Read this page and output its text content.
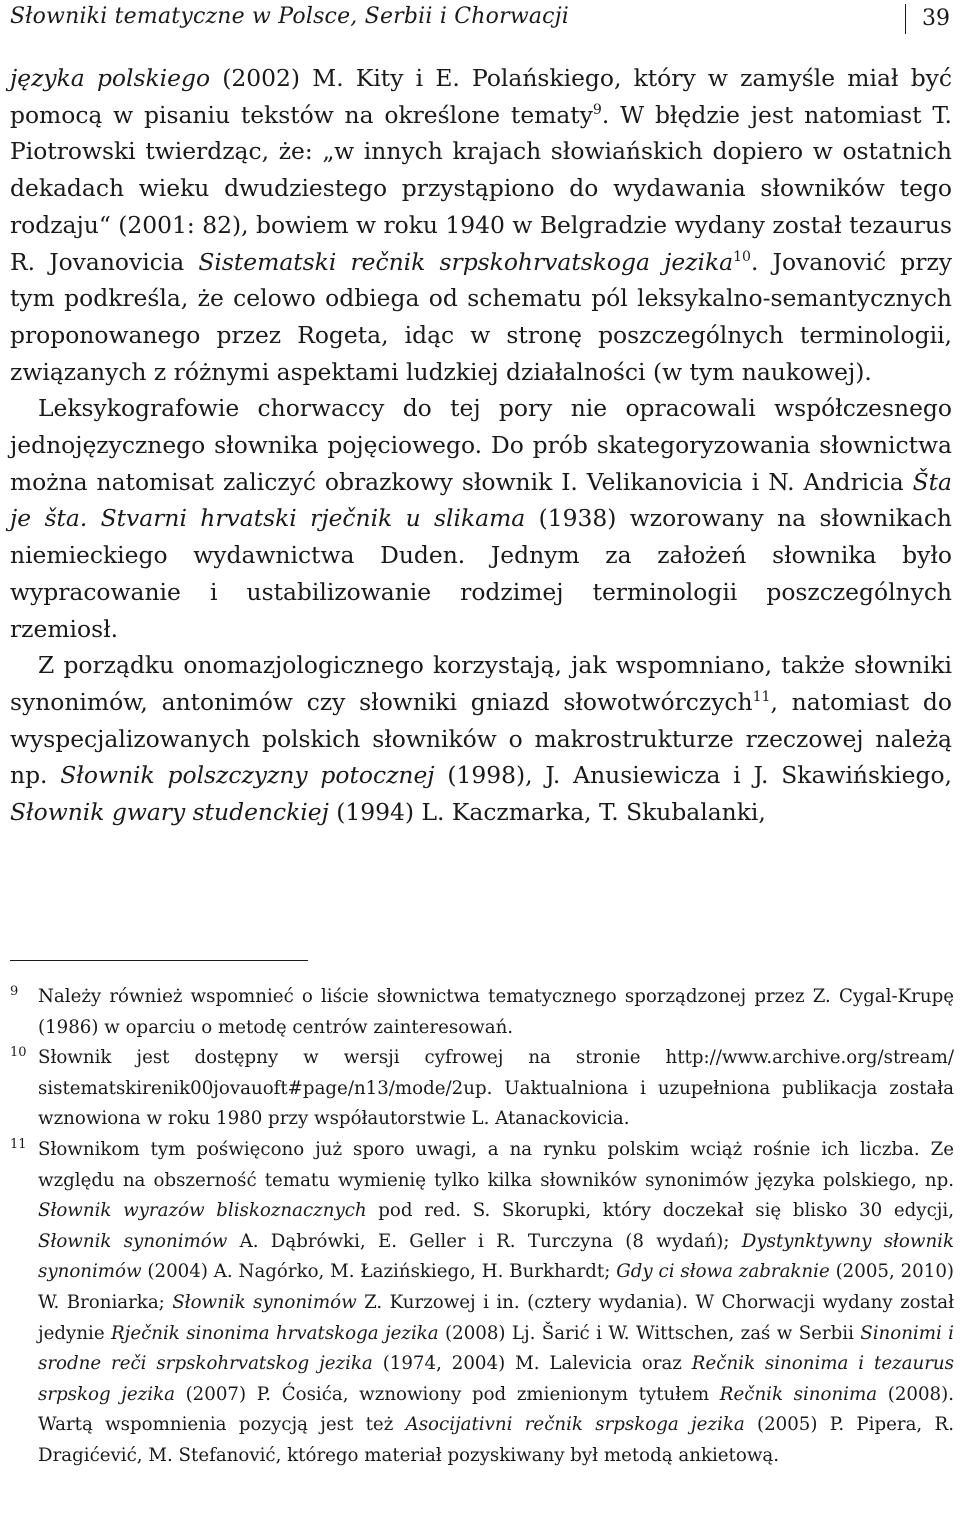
Słowniki tematyczne w Polsce, Serbii i Chorwacji	39

języka polskiego (2002) M. Kity i E. Polańskiego, który w zamyśle miał być pomocą w pisaniu tekstów na określone tematy$^9$. W błędzie jest natomiast T. Piotrowski twierdząc, że: „w innych krajach słowiańskich dopiero w ostatnich dekadach wieku dwudziestego przystąpiono do wydawania słowników tego rodzaju“ (2001: 82), bowiem w roku 1940 w Belgradzie wydany został tezaurus R. Jovanovicia Sistematski rečnik srpskohrvatskoga jezika$^{10}$. Jovanović przy tym podkreśla, że celowo odbiega od schematu pól leksykalno-semantycznych proponowanego przez Rogeta, idąc w stronę poszczególnych terminologii, związanych z różnymi aspektami ludzkiej działalności (w tym naukowej).

Leksykografowie chorwaccy do tej pory nie opracowali współczesnego jednojęzycznego słownika pojęciowego. Do prób skategoryzowania słownictwa można natomisat zaliczyć obrazkowy słownik I. Velikanovicia i N. Andricia Šta je šta. Stvarni hrvatski rječnik u slikama (1938) wzorowany na słownikach niemieckiego wydawnictwa Duden. Jednym za założeń słownika było wypracowanie i ustabilizowanie rodzimej terminologii poszczególnych rzemiosł.

Z porządku onomazjologicznego korzystają, jak wspomniano, także słowniki synonimów, antonimów czy słowniki gniazd słowotwórczych$^{11}$, natomiast do wyspecjalizowanych polskich słowników o makrostrukturze rzeczowej należą np. Słownik polszczyzny potocznej (1998), J. Anusiewicza i J. Skawińskiego, Słownik gwary studenckiej (1994) L. Kaczmarka, T. Skubalanki,

9 Należy również wspomnieć o liście słownictwa tematycznego sporządzonej przez Z. Cygal-Krupę (1986) w oparciu o metodę centrów zainteresowań.

10 Słownik jest dostępny w wersji cyfrowej na stronie http://www.archive.org/stream/ sistematskirenik00jovauoft#page/n13/mode/2up. Uaktualniona i uzupełniona publikacja została wznowiona w roku 1980 przy współautorstwie L. Atanackovicia.

11 Słownikom tym poświęcono już sporo uwagi, a na rynku polskim wciąż rośnie ich liczba. Ze względu na obszerność tematu wymienię tylko kilka słowników synonimów języka polskiego, np. Słownik wyrazów bliskoznacznych pod red. S. Skorupki, który doczekał się blisko 30 edycji, Słownik synonimów A. Dąbrówki, E. Geller i R. Turczyna (8 wydań); Dystynktywny słownik synonimów (2004) A. Nagórko, M. Łazińskiego, H. Burkhardt; Gdy ci słowa zabraknie (2005, 2010) W. Broniarka; Słownik synonimów Z. Kurzowej i in. (cztery wydania). W Chorwacji wydany został jedynie Rječnik sinonima hrvatskoga jezika (2008) Lj. Šarić i W. Wittschen, zaś w Serbii Sinonimi i srodne reči srpskohrvatskog jezika (1974, 2004) M. Lalevicia oraz Rečnik sinonima i tezaurus srpskog jezika (2007) P. Ćosića, wznowiony pod zmienionym tytułem Rečnik sinonima (2008). Wartą wspomnienia pozycją jest też Asocijativni rečnik srpskoga jezika (2005) P. Pipera, R. Dragićević, M. Stefanović, którego materiał pozyskiwany był metodą ankietową.
